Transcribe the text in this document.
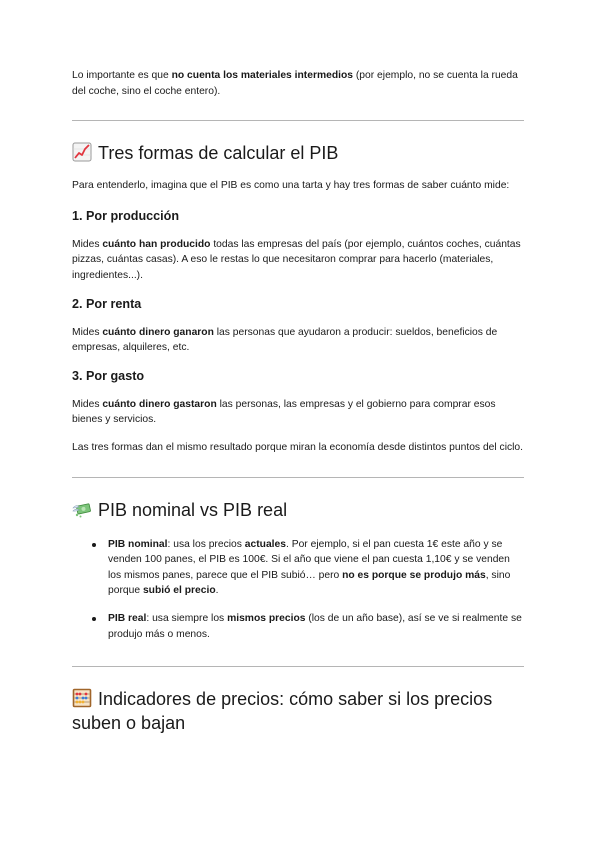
Lo importante es que no cuenta los materiales intermedios (por ejemplo, no se cuenta la rueda del coche, sino el coche entero).

Tres formas de calcular el PIB

Para entenderlo, imagina que el PIB es como una tarta y hay tres formas de saber cuánto mide:

1. Por producción

Mides cuánto han producido todas las empresas del país (por ejemplo, cuántos coches, cuántas pizzas, cuántas casas). A eso le restas lo que necesitaron comprar para hacerlo (materiales, ingredientes...).

2. Por renta

Mides cuánto dinero ganaron las personas que ayudaron a producir: sueldos, beneficios de empresas, alquileres, etc.

3. Por gasto

Mides cuánto dinero gastaron las personas, las empresas y el gobierno para comprar esos bienes y servicios.

Las tres formas dan el mismo resultado porque miran la economía desde distintos puntos del ciclo.

PIB nominal vs PIB real
PIB nominal: usa los precios actuales. Por ejemplo, si el pan cuesta 1€ este año y se venden 100 panes, el PIB es 100€. Si el año que viene el pan cuesta 1,10€ y se venden los mismos panes, parece que el PIB subió… pero no es porque se produjo más, sino porque subió el precio.
PIB real: usa siempre los mismos precios (los de un año base), así se ve si realmente se produjo más o menos.
Indicadores de precios: cómo saber si los precios suben o bajan
